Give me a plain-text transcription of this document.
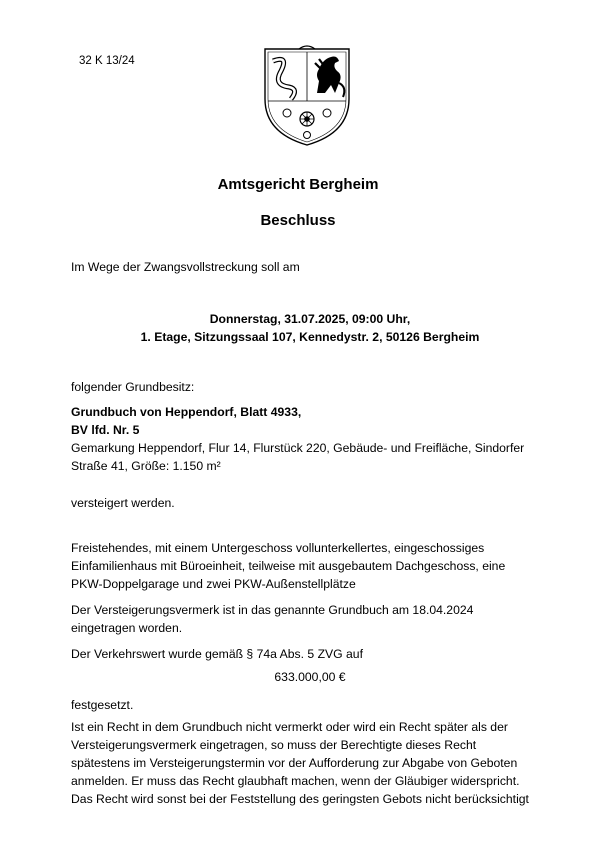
32 K 13/24
Amtsgericht Bergheim
Beschluss
Im Wege der Zwangsvollstreckung soll am
Donnerstag, 31.07.2025, 09:00 Uhr,
1. Etage, Sitzungssaal 107, Kennedystr. 2, 50126 Bergheim
folgender Grundbesitz:
Grundbuch von Heppendorf, Blatt 4933,
BV lfd. Nr. 5
Gemarkung Heppendorf, Flur 14, Flurstück 220, Gebäude- und Freifläche, Sindorfer
Straße 41, Größe: 1.150 m²
versteigert werden.
Freistehendes, mit einem Untergeschoss vollunterkellertes, eingeschossiges
Einfamilienhaus mit Büroeinheit, teilweise mit ausgebautem Dachgeschoss, eine
PKW-Doppelgarage und zwei PKW-Außenstellplätze
Der Versteigerungsvermerk ist in das genannte Grundbuch am 18.04.2024
eingetragen worden.
Der Verkehrswert wurde gemäß § 74a Abs. 5 ZVG auf
633.000,00 €
festgesetzt.
Ist ein Recht in dem Grundbuch nicht vermerkt oder wird ein Recht später als der
Versteigerungsvermerk eingetragen, so muss der Berechtigte dieses Recht
spätestens im Versteigerungstermin vor der Aufforderung zur Abgabe von Geboten
anmelden. Er muss das Recht glaubhaft machen, wenn der Gläubiger widerspricht.
Das Recht wird sonst bei der Feststellung des geringsten Gebots nicht berücksichtigt
